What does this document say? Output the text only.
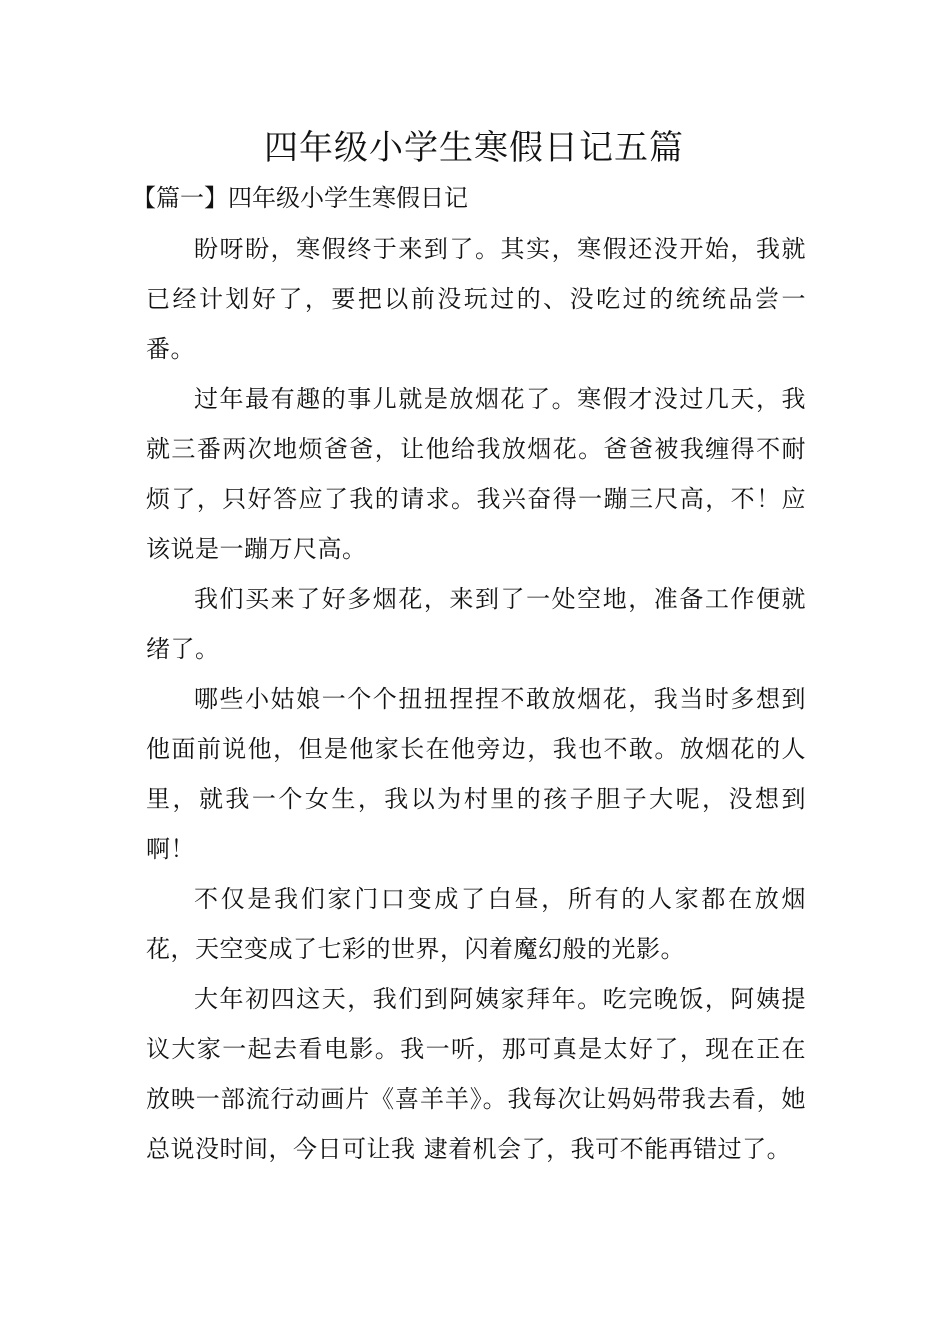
四年级小学生寒假日记五篇
【篇一】四年级小学生寒假日记

盼呀盼，寒假终于来到了。其实，寒假还没开始，我就已经计划好了，要把以前没玩过的、没吃过的统统品尝一番。

过年最有趣的事儿就是放烟花了。寒假才没过几天，我就三番两次地烦爸爸，让他给我放烟花。爸爸被我缠得不耐烦了，只好答应了我的请求。我兴奋得一蹦三尺高，不！应该说是一蹦万尺高。

我们买来了好多烟花，来到了一处空地，准备工作便就绪了。

哪些小姑娘一个个扭扭捏捏不敢放烟花，我当时多想到他面前说他，但是他家长在他旁边，我也不敢。放烟花的人里，就我一个女生，我以为村里的孩子胆子大呢，没想到啊！

不仅是我们家门口变成了白昼，所有的人家都在放烟花，天空变成了七彩的世界，闪着魔幻般的光影。

大年初四这天，我们到阿姨家拜年。吃完晚饭，阿姨提议大家一起去看电影。我一听，那可真是太好了，现在正在放映一部流行动画片《喜羊羊》。我每次让妈妈带我去看，她总说没时间，今日可让我 逮着机会了，我可不能再错过了。
